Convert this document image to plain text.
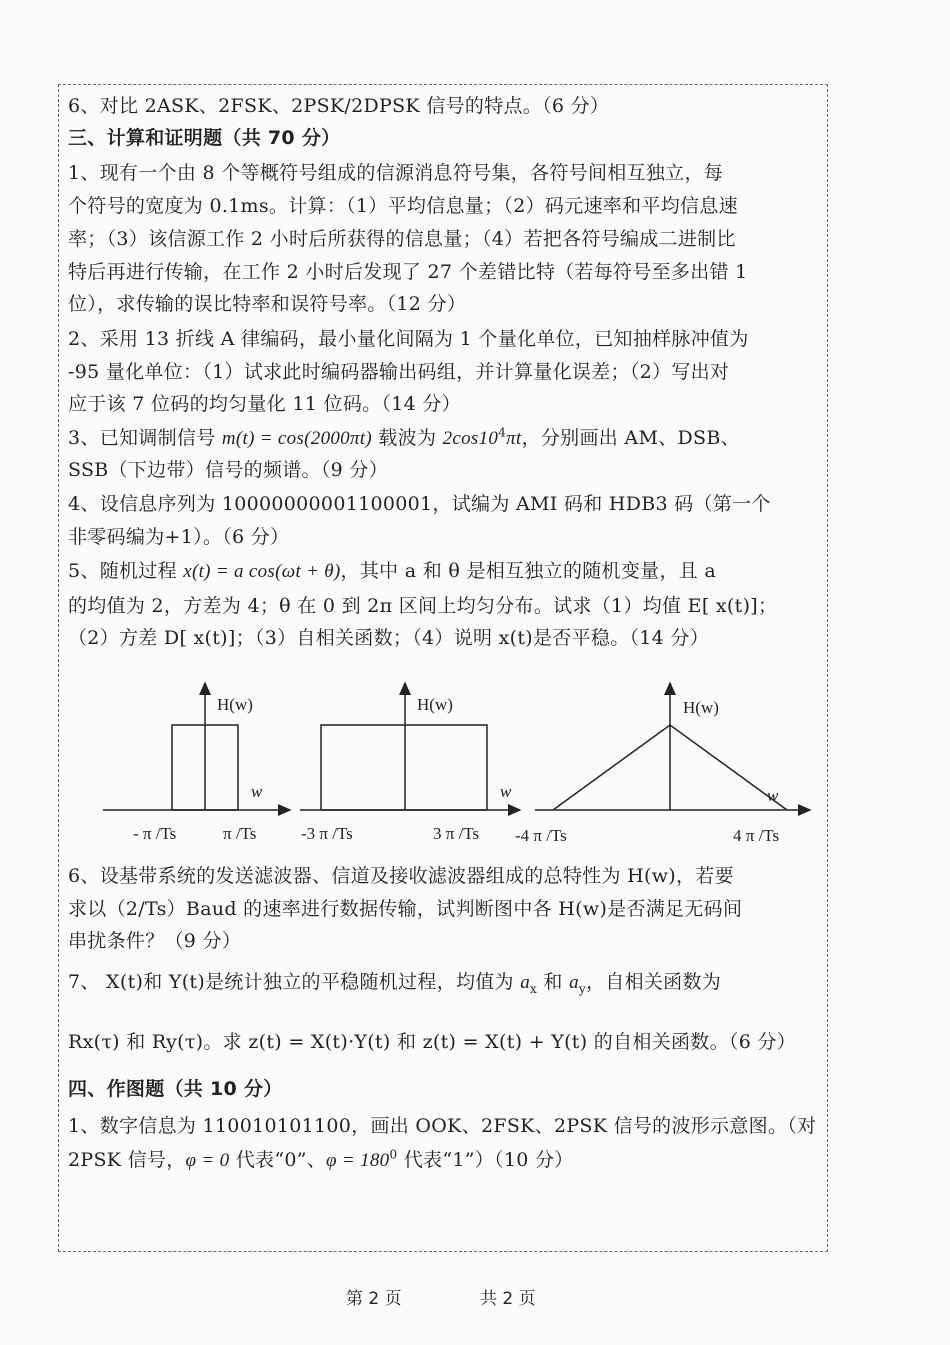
6、对比 2ASK、2FSK、2PSK/2DPSK 信号的特点。（6 分）
三、计算和证明题（共 70 分）
1、现有一个由 8 个等概符号组成的信源消息符号集，各符号间相互独立，每
个符号的宽度为 0.1ms。计算：（1）平均信息量；（2）码元速率和平均信息速
率；（3）该信源工作 2 小时后所获得的信息量；（4）若把各符号编成二进制比
特后再进行传输，在工作 2 小时后发现了 27 个差错比特（若每符号至多出错 1
位），求传输的误比特率和误符号率。（12 分）
2、采用 13 折线 A 律编码，最小量化间隔为 1 个量化单位，已知抽样脉冲值为
-95 量化单位：（1）试求此时编码器输出码组，并计算量化误差；（2）写出对
应于该 7 位码的均匀量化 11 位码。（14 分）
3、已知调制信号 m(t) = cos(2000πt) 载波为 $2\cos 10^4\pi t$，分别画出 AM、DSB、
SSB（下边带）信号的频谱。（9 分）
4、设信息序列为 10000000001100001，试编为 AMI 码和 HDB3 码（第一个
非零码编为+1）。（6 分）
5、随机过程 x(t) = a cos(ωt + θ)，其中 a 和 θ 是相互独立的随机变量，且 a
的均值为 2，方差为 4；θ 在 0 到 2π 区间上均匀分布。试求（1）均值 E[ x(t)]；
（2）方差 D[ x(t)]；（3）自相关函数；（4）说明 x(t)是否平稳。（14 分）
H(w)
w
- π /Ts	π /Ts
H(w)
w
-3 π /Ts	3 π /Ts
H(w)
w
-4 π /Ts	4 π /Ts
6、设基带系统的发送滤波器、信道及接收滤波器组成的总特性为 H(w)，若要
求以（2/Ts）Baud 的速率进行数据传输，试判断图中各 H(w)是否满足无码间
串扰条件？（9 分）
7、 X(t)和 Y(t)是统计独立的平稳随机过程，均值为 $a_x$ 和 $a_y$，自相关函数为
Rx(τ) 和 Ry(τ)。求 z(t) = X(t)·Y(t) 和 z(t) = X(t) + Y(t) 的自相关函数。（6 分）
四、作图题（共 10 分）
1、数字信息为 110010101100，画出 OOK、2FSK、2PSK 信号的波形示意图。（对
2PSK 信号，φ = 0 代表“0”、$\varphi = 180^0$ 代表“1”）（10 分）
第 2 页	共 2 页
